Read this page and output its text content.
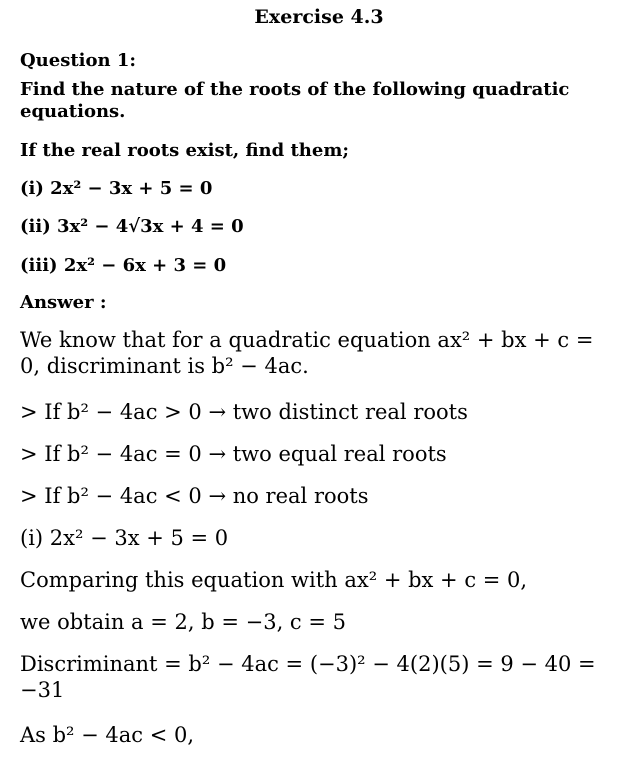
Exercise 4.3
Question 1:
Find the nature of the roots of the following quadratic equations.
If the real roots exist, find them;
(i) 2x² − 3x + 5 = 0
(ii) 3x² − 4√3x + 4 = 0
(iii) 2x² − 6x + 3 = 0
Answer :
We know that for a quadratic equation ax² + bx + c = 0, discriminant is b² − 4ac.
> If b² − 4ac > 0 → two distinct real roots
> If b² − 4ac = 0 → two equal real roots
> If b² − 4ac < 0 → no real roots
(i) 2x² − 3x + 5 = 0
Comparing this equation with ax² + bx + c = 0,
we obtain a = 2, b = −3, c = 5
Discriminant = b² − 4ac = (−3)² − 4(2)(5) = 9 − 40 = −31
As b² − 4ac < 0,
